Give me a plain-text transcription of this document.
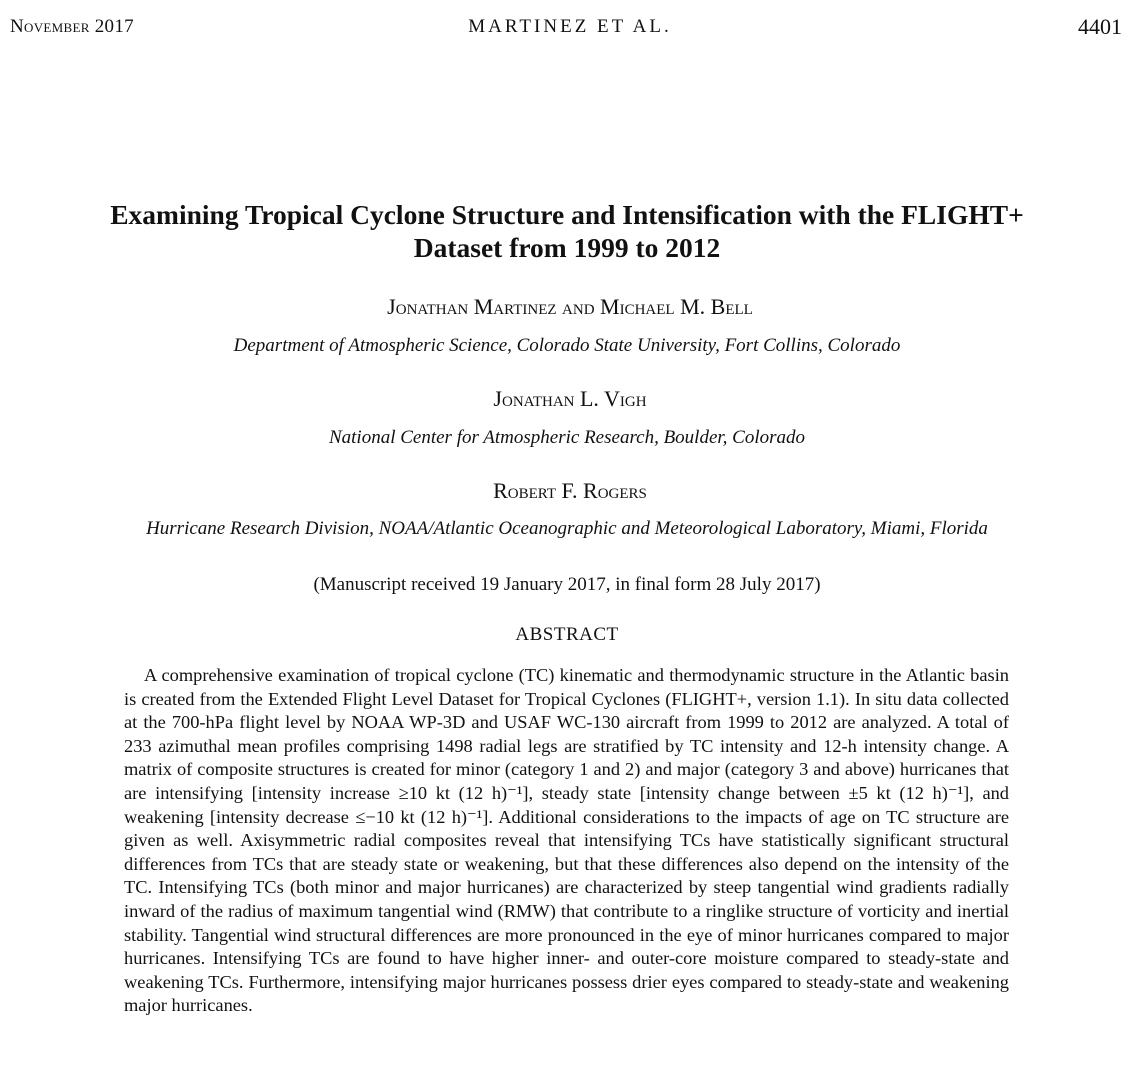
November 2017	MARTINEZ ET AL.	4401
Examining Tropical Cyclone Structure and Intensification with the FLIGHT+ Dataset from 1999 to 2012
Jonathan Martinez and Michael M. Bell
Department of Atmospheric Science, Colorado State University, Fort Collins, Colorado
Jonathan L. Vigh
National Center for Atmospheric Research, Boulder, Colorado
Robert F. Rogers
Hurricane Research Division, NOAA/Atlantic Oceanographic and Meteorological Laboratory, Miami, Florida
(Manuscript received 19 January 2017, in final form 28 July 2017)
ABSTRACT

A comprehensive examination of tropical cyclone (TC) kinematic and thermodynamic structure in the Atlantic basin is created from the Extended Flight Level Dataset for Tropical Cyclones (FLIGHT+, version 1.1). In situ data collected at the 700-hPa flight level by NOAA WP-3D and USAF WC-130 aircraft from 1999 to 2012 are analyzed. A total of 233 azimuthal mean profiles comprising 1498 radial legs are stratified by TC intensity and 12-h intensity change. A matrix of composite structures is created for minor (category 1 and 2) and major (category 3 and above) hurricanes that are intensifying [intensity increase ≥10 kt (12 h)⁻¹], steady state [intensity change between ±5 kt (12 h)⁻¹], and weakening [intensity decrease ≤−10 kt (12 h)⁻¹]. Additional considerations to the impacts of age on TC structure are given as well. Axisymmetric radial composites reveal that intensifying TCs have statistically significant structural differences from TCs that are steady state or weakening, but that these differences also depend on the intensity of the TC. Intensifying TCs (both minor and major hurricanes) are characterized by steep tangential wind gradients radially inward of the radius of maximum tangential wind (RMW) that contribute to a ringlike structure of vorticity and inertial stability. Tangential wind structural differences are more pronounced in the eye of minor hurricanes compared to major hurricanes. Intensifying TCs are found to have higher inner- and outer-core moisture compared to steady-state and weakening TCs. Furthermore, intensifying major hurricanes possess drier eyes compared to steady-state and weakening major hurricanes.
